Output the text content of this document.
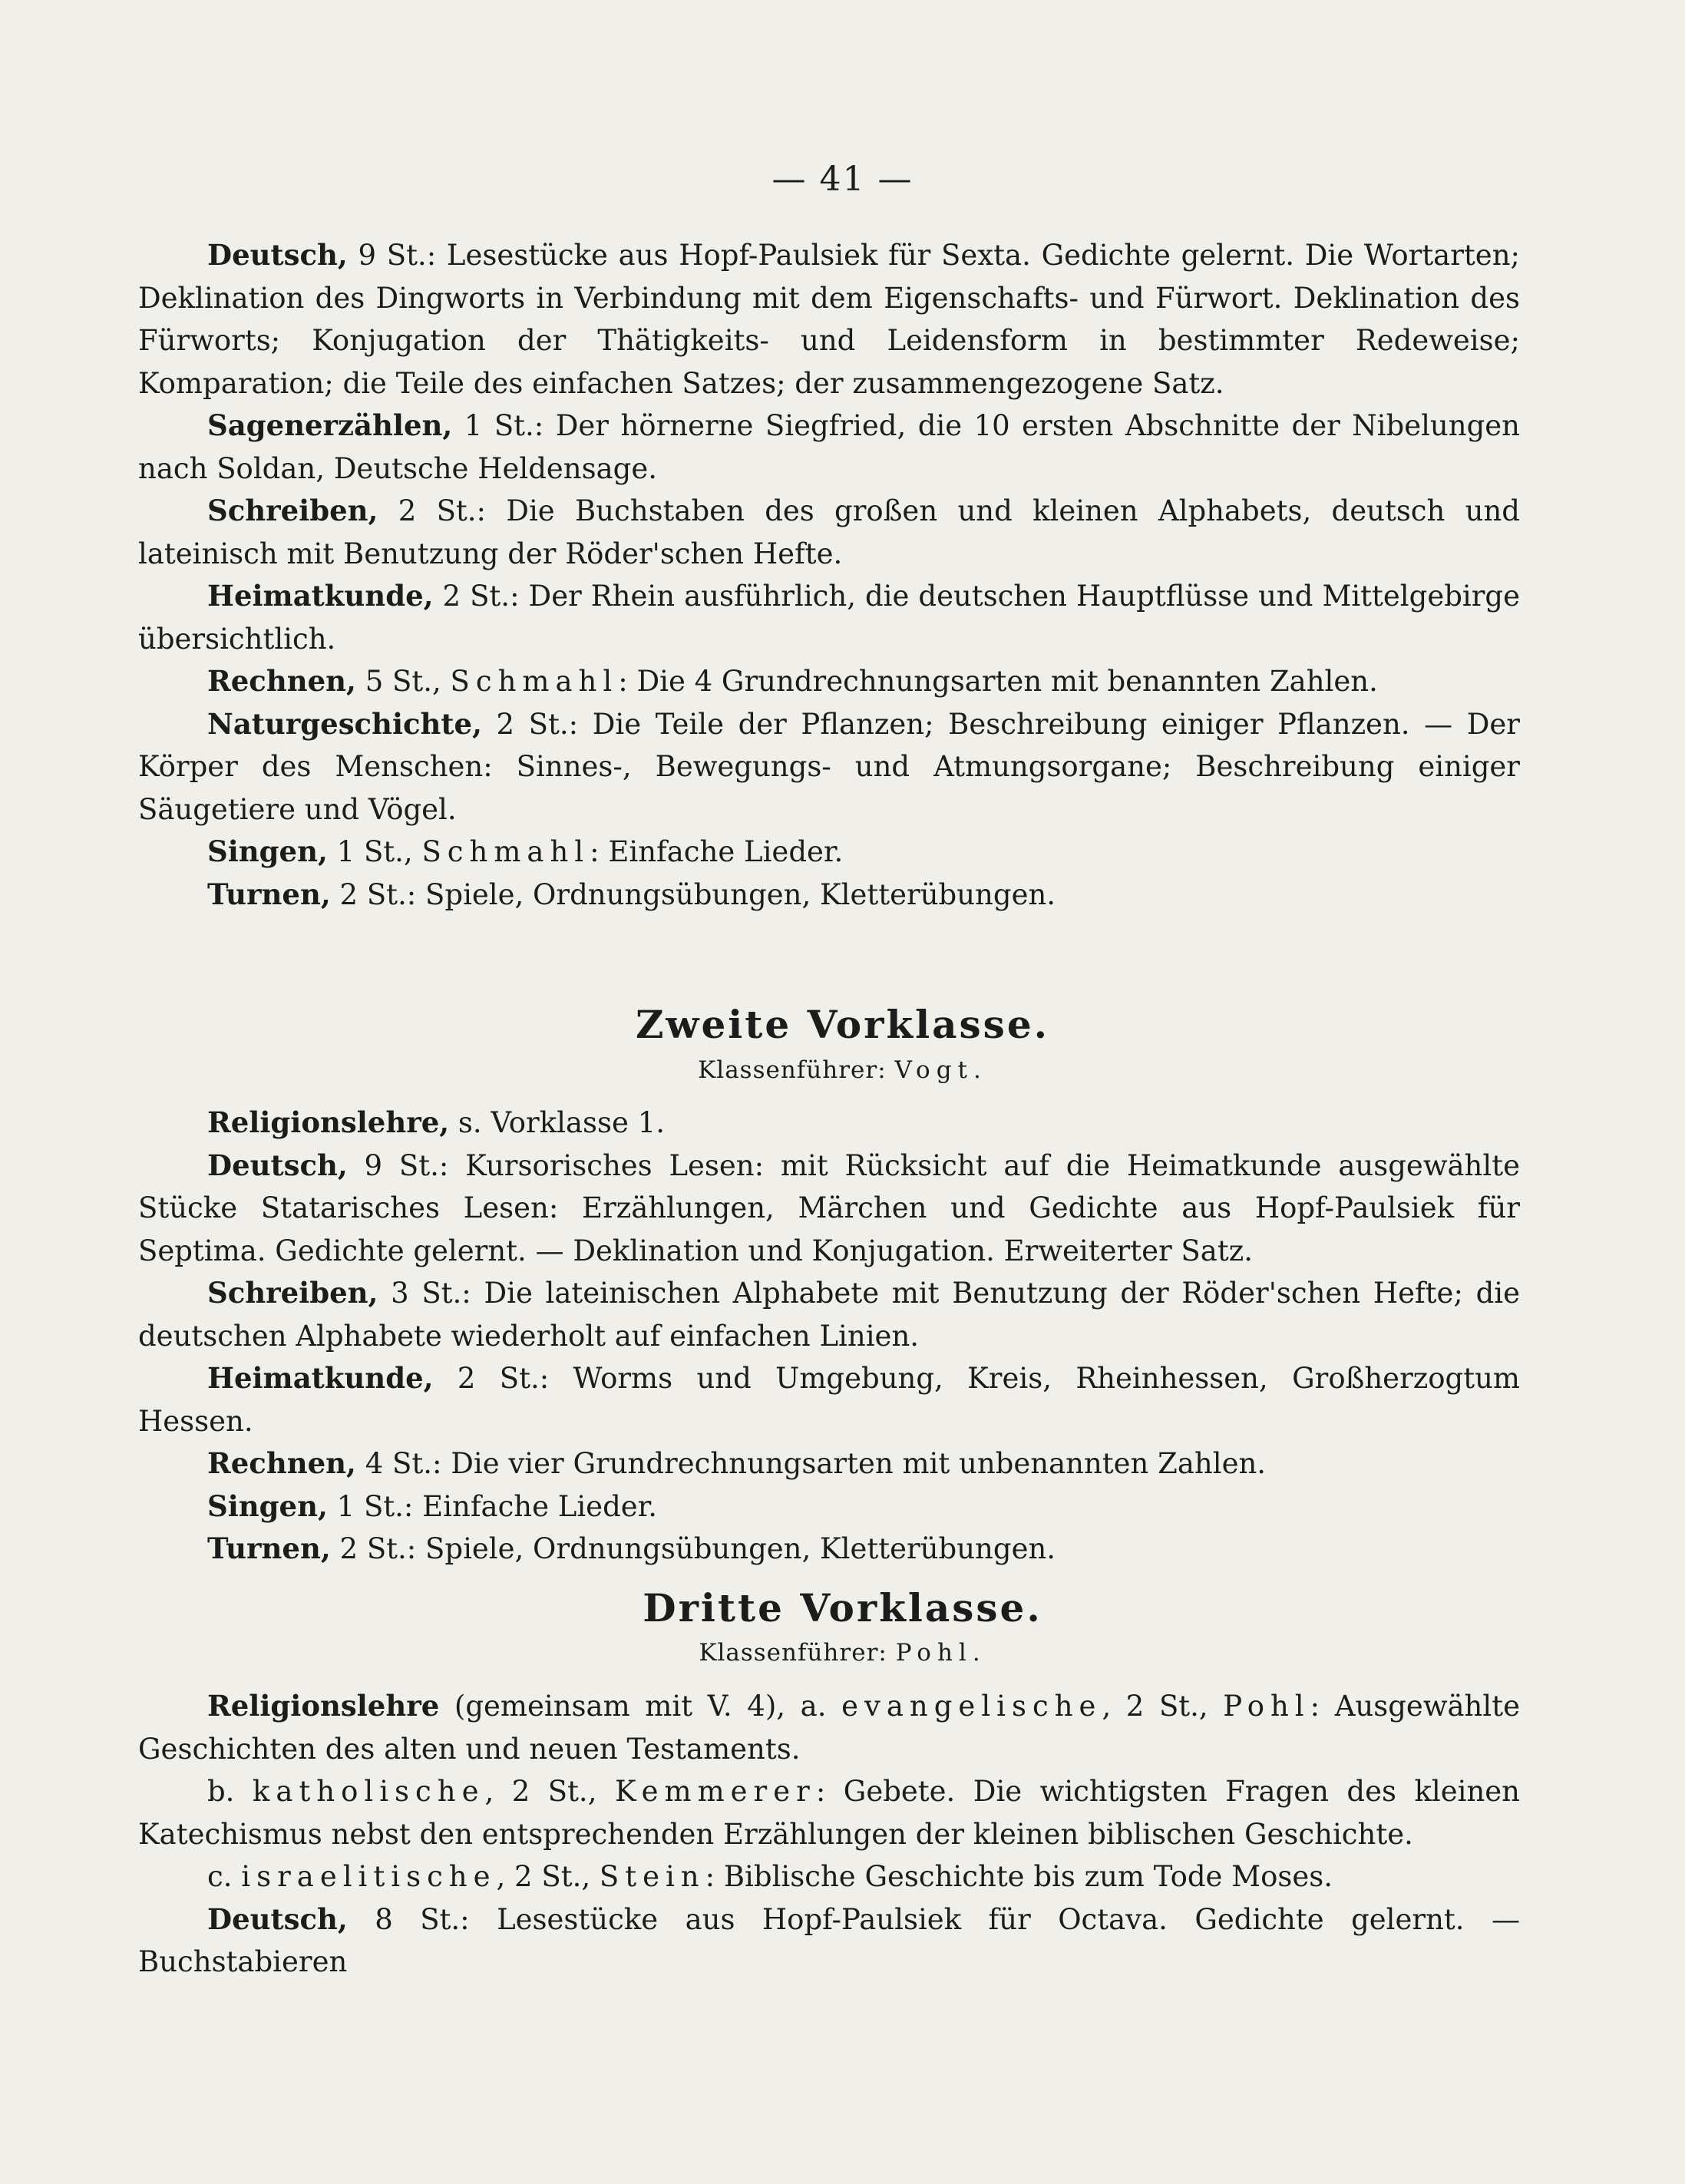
— 41 —

Deutsch, 9 St.: Lesestücke aus Hopf-Paulsiek für Sexta. Gedichte gelernt. Die Wortarten; Deklination des Dingworts in Verbindung mit dem Eigenschafts- und Fürwort. Deklination des Fürworts; Konjugation der Thätigkeits- und Leidensform in bestimmter Redeweise; Komparation; die Teile des einfachen Satzes; der zusammengezogene Satz.

Sagenerzählen, 1 St.: Der hörnerne Siegfried, die 10 ersten Abschnitte der Nibelungen nach Soldan, Deutsche Heldensage.

Schreiben, 2 St.: Die Buchstaben des großen und kleinen Alphabets, deutsch und lateinisch mit Benutzung der Röder'schen Hefte.

Heimatkunde, 2 St.: Der Rhein ausführlich, die deutschen Hauptflüsse und Mittelgebirge übersichtlich.

Rechnen, 5 St., Schmahl: Die 4 Grundrechnungsarten mit benannten Zahlen.

Naturgeschichte, 2 St.: Die Teile der Pflanzen; Beschreibung einiger Pflanzen. — Der Körper des Menschen: Sinnes-, Bewegungs- und Atmungsorgane; Beschreibung einiger Säugetiere und Vögel.

Singen, 1 St., Schmahl: Einfache Lieder.

Turnen, 2 St.: Spiele, Ordnungsübungen, Kletterübungen.

Zweite Vorklasse.
Klassenführer: Vogt.

Religionslehre, s. Vorklasse 1.

Deutsch, 9 St.: Kursorisches Lesen: mit Rücksicht auf die Heimatkunde ausgewählte Stücke Statarisches Lesen: Erzählungen, Märchen und Gedichte aus Hopf-Paulsiek für Septima. Gedichte gelernt. — Deklination und Konjugation. Erweiterter Satz.

Schreiben, 3 St.: Die lateinischen Alphabete mit Benutzung der Röder'schen Hefte; die deutschen Alphabete wiederholt auf einfachen Linien.

Heimatkunde, 2 St.: Worms und Umgebung, Kreis, Rheinhessen, Großherzogtum Hessen.

Rechnen, 4 St.: Die vier Grundrechnungsarten mit unbenannten Zahlen.

Singen, 1 St.: Einfache Lieder.

Turnen, 2 St.: Spiele, Ordnungsübungen, Kletterübungen.

Dritte Vorklasse.
Klassenführer: Pohl.

Religionslehre (gemeinsam mit V. 4), a. evangelische, 2 St., Pohl: Ausgewählte Geschichten des alten und neuen Testaments.

b. katholische, 2 St., Kemmerer: Gebete. Die wichtigsten Fragen des kleinen Katechismus nebst den entsprechenden Erzählungen der kleinen biblischen Geschichte.

c. israelitische, 2 St., Stein: Biblische Geschichte bis zum Tode Moses.

Deutsch, 8 St.: Lesestücke aus Hopf-Paulsiek für Octava. Gedichte gelernt. — Buchstabieren
